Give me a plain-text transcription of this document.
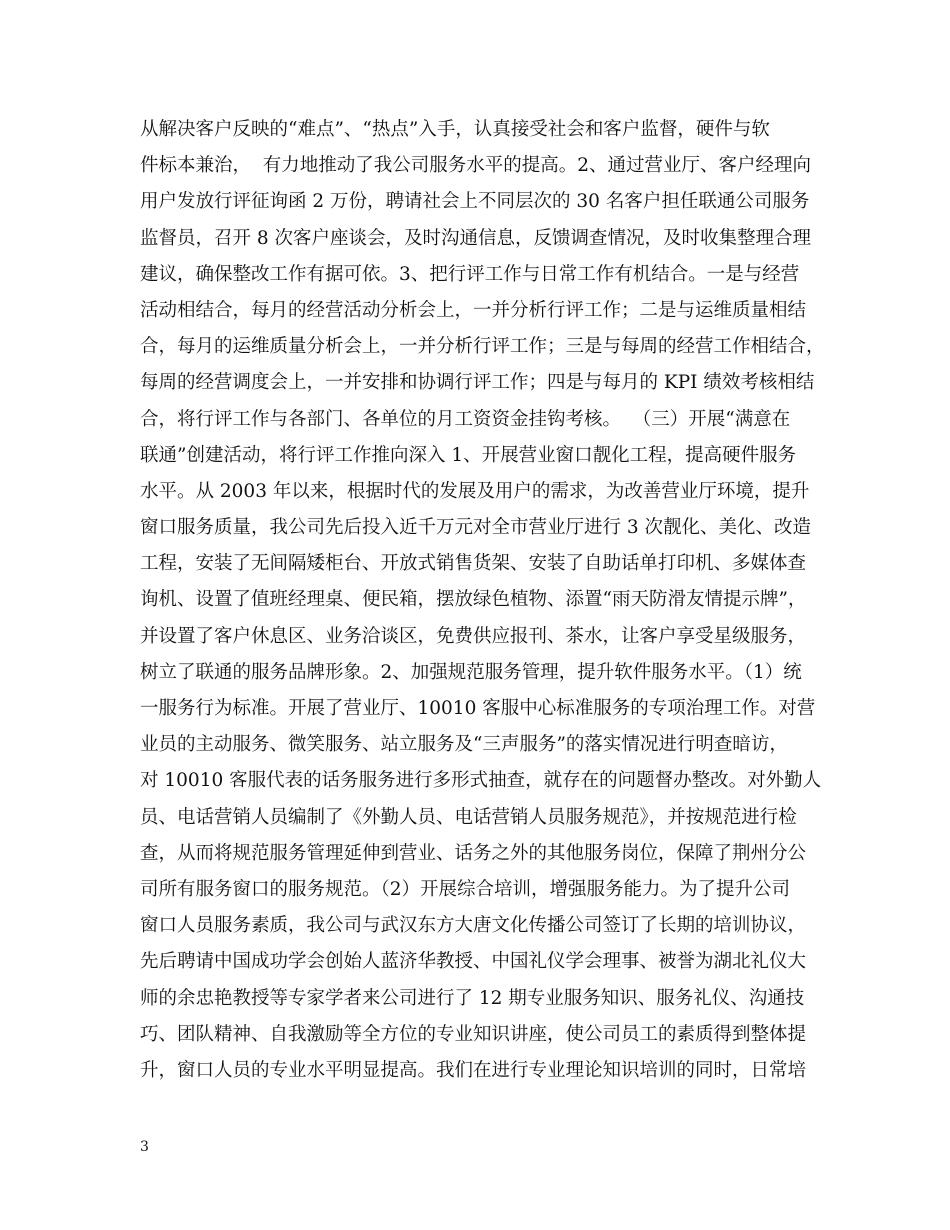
从解决客户反映的“难点”、“热点”入手，认真接受社会和客户监督，硬件与软
件标本兼治，  有力地推动了我公司服务水平的提高。2、通过营业厅、客户经理向
用户发放行评征询函 2 万份，聘请社会上不同层次的 30 名客户担任联通公司服务
监督员，召开 8 次客户座谈会，及时沟通信息，反馈调查情况，及时收集整理合理
建议，确保整改工作有据可依。3、把行评工作与日常工作有机结合。一是与经营
活动相结合，每月的经营活动分析会上，一并分析行评工作；二是与运维质量相结
合，每月的运维质量分析会上，一并分析行评工作；三是与每周的经营工作相结合，
每周的经营调度会上，一并安排和协调行评工作；四是与每月的 KPI 绩效考核相结
合，将行评工作与各部门、各单位的月工资资金挂钩考核。  （三）开展“满意在
联通”创建活动，将行评工作推向深入 1、开展营业窗口靓化工程，提高硬件服务
水平。从 2003 年以来，根据时代的发展及用户的需求，为改善营业厅环境，提升
窗口服务质量，我公司先后投入近千万元对全市营业厅进行 3 次靓化、美化、改造
工程，安装了无间隔矮柜台、开放式销售货架、安装了自助话单打印机、多媒体查
询机、设置了值班经理桌、便民箱，摆放绿色植物、添置“雨天防滑友情提示牌”，
并设置了客户休息区、业务洽谈区，免费供应报刊、茶水，让客户享受星级服务，
树立了联通的服务品牌形象。2、加强规范服务管理，提升软件服务水平。（1）统
一服务行为标准。开展了营业厅、10010 客服中心标准服务的专项治理工作。对营
业员的主动服务、微笑服务、站立服务及“三声服务”的落实情况进行明查暗访，
对 10010 客服代表的话务服务进行多形式抽查，就存在的问题督办整改。对外勤人
员、电话营销人员编制了《外勤人员、电话营销人员服务规范》，并按规范进行检
查，从而将规范服务管理延伸到营业、话务之外的其他服务岗位，保障了荆州分公
司所有服务窗口的服务规范。（2）开展综合培训，增强服务能力。为了提升公司
窗口人员服务素质，我公司与武汉东方大唐文化传播公司签订了长期的培训协议，
先后聘请中国成功学会创始人蓝济华教授、中国礼仪学会理事、被誉为湖北礼仪大
师的余忠艳教授等专家学者来公司进行了 12 期专业服务知识、服务礼仪、沟通技
巧、团队精神、自我激励等全方位的专业知识讲座，使公司员工的素质得到整体提
升，窗口人员的专业水平明显提高。我们在进行专业理论知识培训的同时，日常培
3
